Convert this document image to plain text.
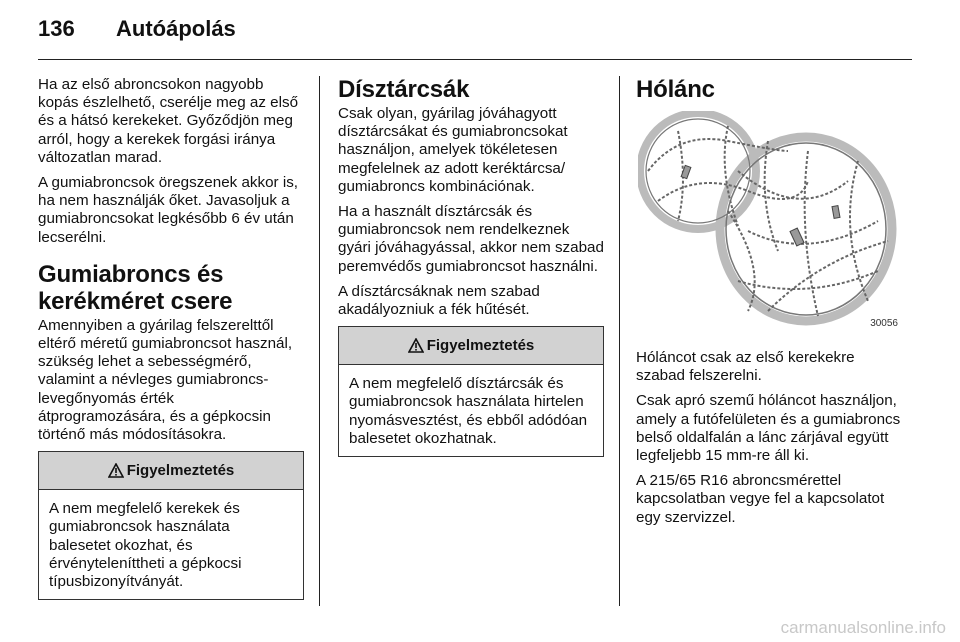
136 Autóápolás

Ha az első abroncsokon nagyobb kopás észlelhető, cserélje meg az első és a hátsó kerekeket. Győződjön meg arról, hogy a kerekek forgási iránya változatlan marad.

A gumiabroncsok öregszenek akkor is, ha nem használják őket. Javasoljuk a gumiabroncsokat legkésőbb 6 év után lecserélni.

Gumiabroncs és kerékméret csere

Amennyiben a gyárilag felszerelttől eltérő méretű gumiabroncsot használ, szükség lehet a sebességmérő, valamint a névleges gumiabroncs-levegőnyomás érték átprogramozására, és a gépkocsin történő más módosításokra.

Figyelmeztetés

A nem megfelelő kerekek és gumiabroncsok használata balesetet okozhat, és érvényteleníttheti a gépkocsi típusbizonyítványát.

Dísztárcsák

Csak olyan, gyárilag jóváhagyott dísztárcsákat és gumiabroncsokat használjon, amelyek tökéletesen megfelelnek az adott keréktárcsa/ gumiabroncs kombinációnak.

Ha a használt dísztárcsák és gumiabroncsok nem rendelkeznek gyári jóváhagyással, akkor nem szabad peremvédős gumiabroncsot használni.

A dísztárcsáknak nem szabad akadályozniuk a fék hűtését.

Figyelmeztetés

A nem megfelelő dísztárcsák és gumiabroncsok használata hirtelen nyomásvesztést, és ebből adódóan balesetet okozhatnak.

Hólánc
30056

Hóláncot csak az első kerekekre szabad felszerelni.

Csak apró szemű hóláncot használjon, amely a futófelületen és a gumiabroncs belső oldalfalán a lánc zárjával együtt legfeljebb 15 mm-re áll ki.

A 215/65 R16 abroncsmérettel kapcsolatban vegye fel a kapcsolatot egy szervizzel.

carmanualsonline.info
